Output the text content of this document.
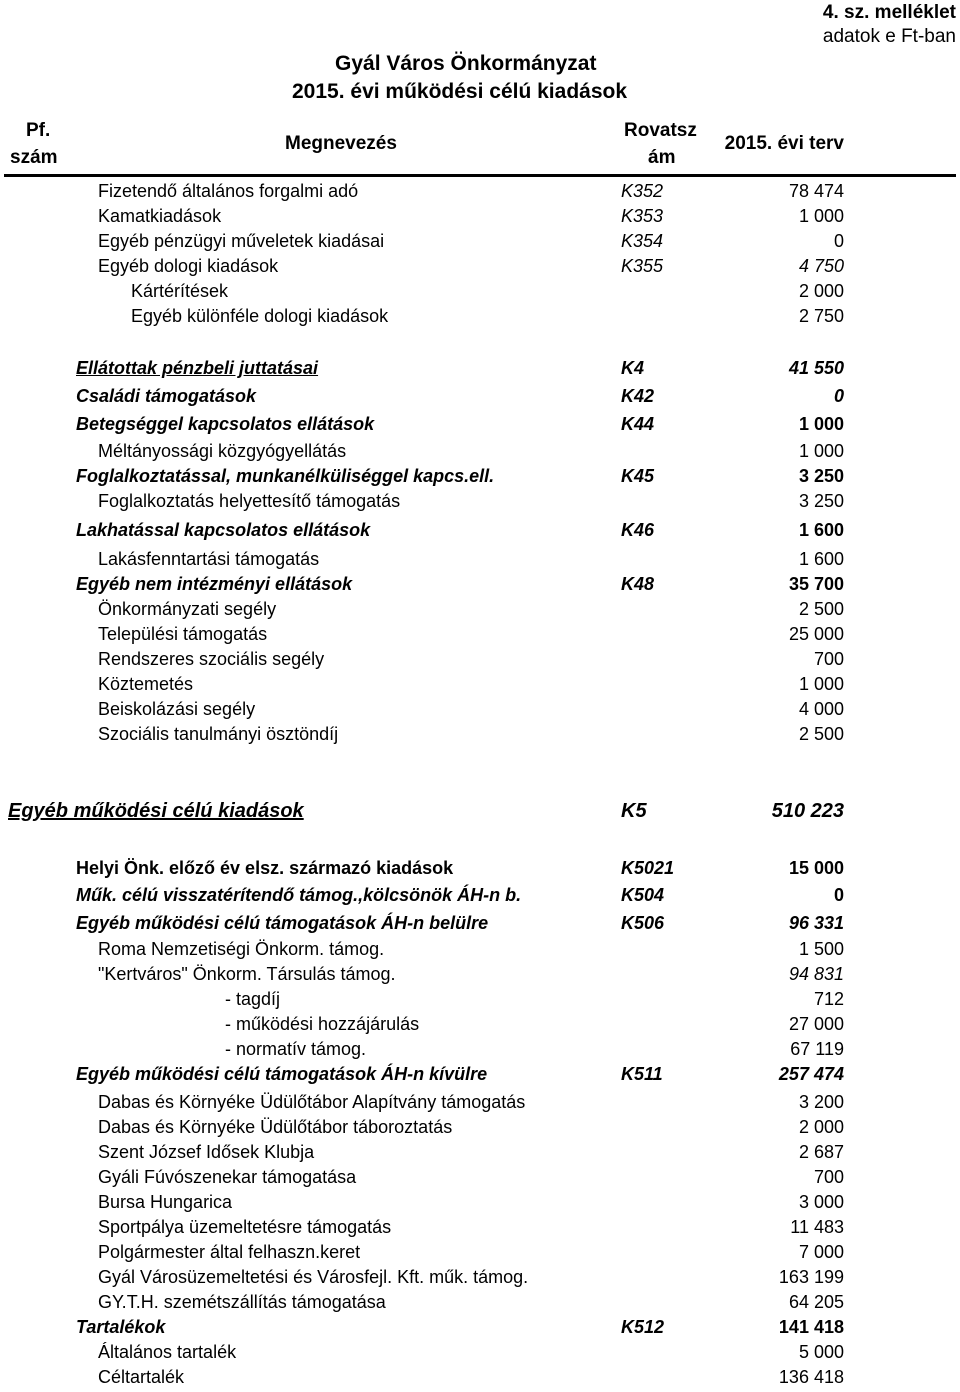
4. sz. melléklet
adatok e Ft-ban
Gyál Város Önkormányzat
2015. évi működési célú kiadások
Pf.
szám
Megnevezés
Rovatsz
ám
2015. évi terv
Fizetendő általános forgalmi adó	K352	78 474
Kamatkiadások	K353	1 000
Egyéb pénzügyi műveletek kiadásai	K354	0
Egyéb dologi kiadások	K355	4 750
Kártérítések	2 000
Egyéb különféle dologi kiadások	2 750
Ellátottak pénzbeli juttatásai	K4	41 550
Családi támogatások	K42	0
Betegséggel kapcsolatos ellátások	K44	1 000
Méltányossági közgyógyellátás	1 000
Foglalkoztatással, munkanélküliséggel kapcs.ell.	K45	3 250
Foglalkoztatás helyettesítő támogatás	3 250
Lakhatással kapcsolatos ellátások	K46	1 600
Lakásfenntartási támogatás	1 600
Egyéb nem intézményi ellátások	K48	35 700
Önkormányzati segély	2 500
Települési támogatás	25 000
Rendszeres szociális segély	700
Köztemetés	1 000
Beiskolázási segély	4 000
Szociális tanulmányi ösztöndíj	2 500
Egyéb működési célú kiadások	K5	510 223
Helyi Önk. előző év elsz. származó kiadások	K5021	15 000
Műk. célú visszatérítendő támog.,kölcsönök ÁH-n b.	K504	0
Egyéb működési célú támogatások ÁH-n belülre	K506	96 331
Roma Nemzetiségi Önkorm. támog.	1 500
"Kertváros" Önkorm. Társulás támog.	94 831
- tagdíj	712
- működési hozzájárulás	27 000
- normatív támog.	67 119
Egyéb működési célú támogatások ÁH-n kívülre	K511	257 474
Dabas és Környéke Üdülőtábor Alapítvány támogatás	3 200
Dabas és Környéke Üdülőtábor táboroztatás	2 000
Szent József Idősek Klubja	2 687
Gyáli Fúvószenekar támogatása	700
Bursa Hungarica	3 000
Sportpálya üzemeltetésre támogatás	11 483
Polgármester által felhaszn.keret	7 000
Gyál Városüzemeltetési és Városfejl. Kft. műk. támog.	163 199
GY.T.H. szemétszállítás támogatása	64 205
Tartalékok	K512	141 418
Általános tartalék	5 000
Céltartalék	136 418
